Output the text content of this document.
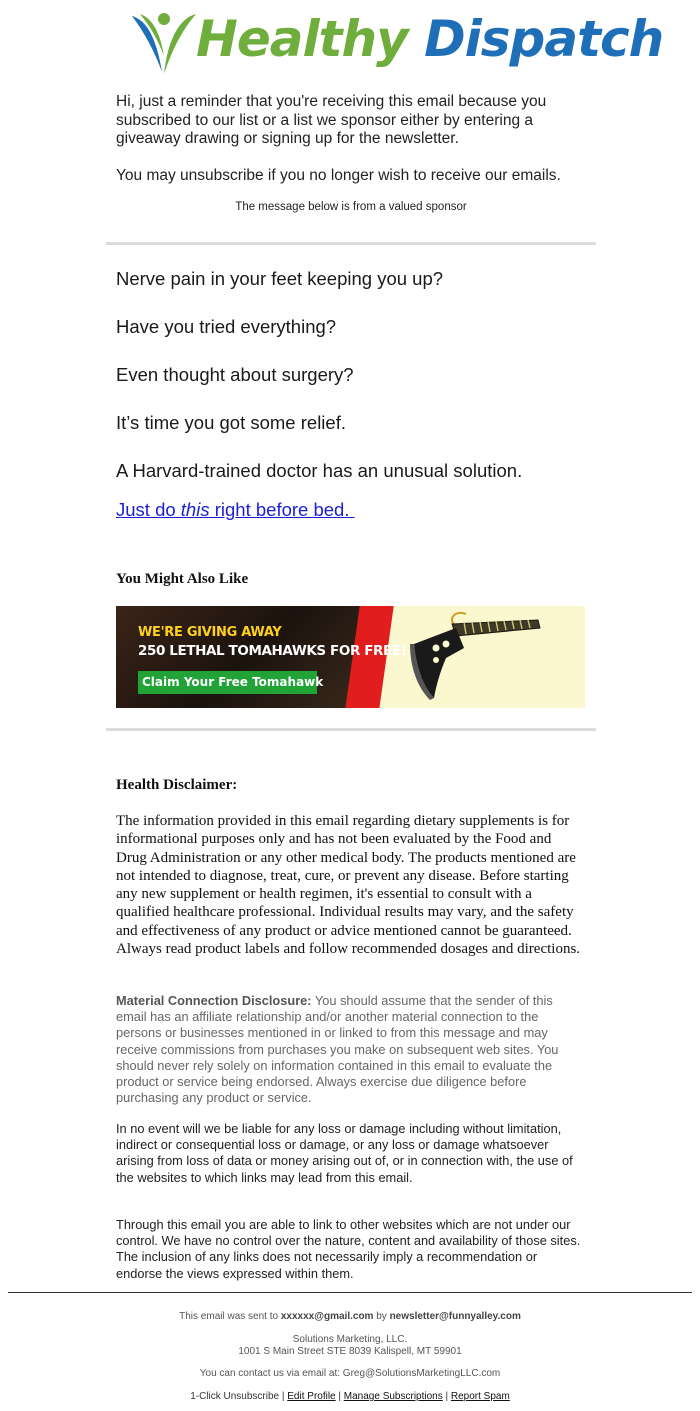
Healthy Dispatch
Hi, just a reminder that you're receiving this email because you subscribed to our list or a list we sponsor either by entering a giveaway drawing or signing up for the newsletter.
You may unsubscribe if you no longer wish to receive our emails.
The message below is from a valued sponsor
Nerve pain in your feet keeping you up?
Have you tried everything?
Even thought about surgery?
It’s time you got some relief.
A Harvard-trained doctor has an unusual solution.
Just do this right before bed.
You Might Also Like
WE'RE GIVING AWAY
250 LETHAL TOMAHAWKS FOR FREE!
Claim Your Free Tomahawk
Health Disclaimer:
The information provided in this email regarding dietary supplements is for informational purposes only and has not been evaluated by the Food and Drug Administration or any other medical body. The products mentioned are not intended to diagnose, treat, cure, or prevent any disease. Before starting any new supplement or health regimen, it's essential to consult with a qualified healthcare professional. Individual results may vary, and the safety and effectiveness of any product or advice mentioned cannot be guaranteed. Always read product labels and follow recommended dosages and directions.
Material Connection Disclosure: You should assume that the sender of this email has an affiliate relationship and/or another material connection to the persons or businesses mentioned in or linked to from this message and may receive commissions from purchases you make on subsequent web sites. You should never rely solely on information contained in this email to evaluate the product or service being endorsed. Always exercise due diligence before purchasing any product or service.
In no event will we be liable for any loss or damage including without limitation, indirect or consequential loss or damage, or any loss or damage whatsoever arising from loss of data or money arising out of, or in connection with, the use of the websites to which links may lead from this email.
Through this email you are able to link to other websites which are not under our control. We have no control over the nature, content and availability of those sites. The inclusion of any links does not necessarily imply a recommendation or endorse the views expressed within them.
This email was sent to xxxxxx@gmail.com by newsletter@funnyalley.com
Solutions Marketing, LLC.
1001 S Main Street STE 8039 Kalispell, MT 59901
You can contact us via email at: Greg@SolutionsMarketingLLC.com
1-Click Unsubscribe | Edit Profile | Manage Subscriptions | Report Spam
